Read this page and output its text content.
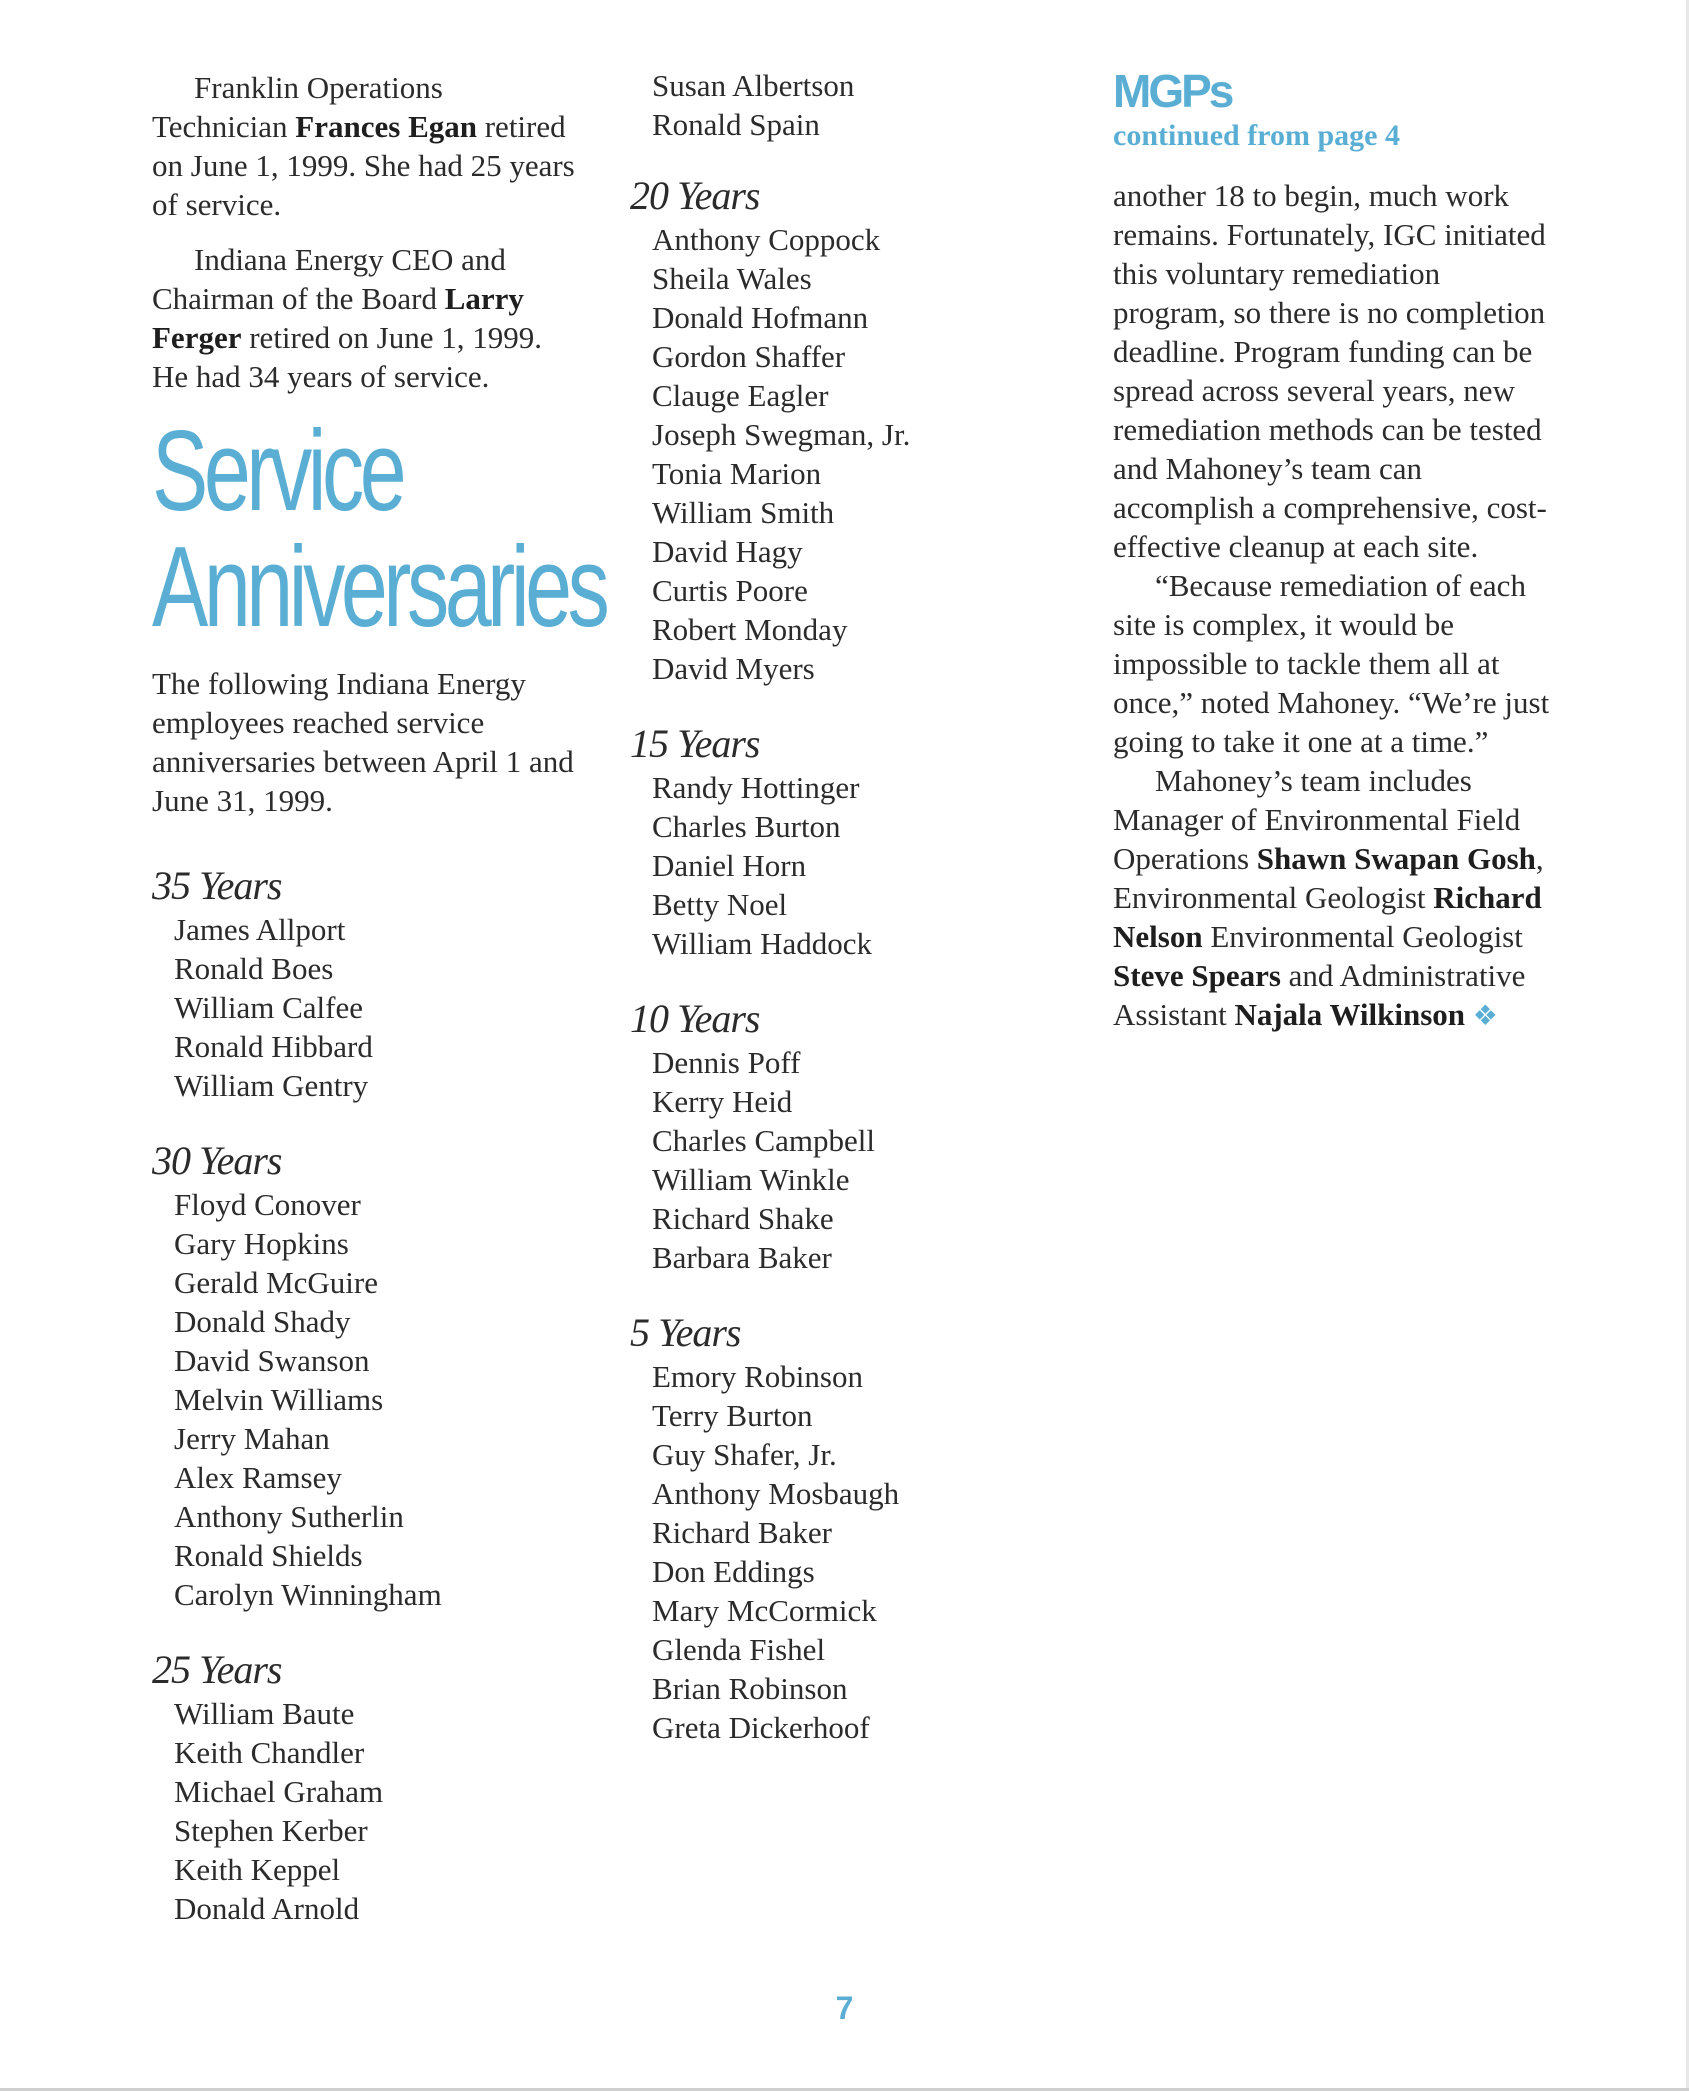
Franklin Operations Technician Frances Egan retired on June 1, 1999. She had 25 years of service.

Indiana Energy CEO and Chairman of the Board Larry Ferger retired on June 1, 1999. He had 34 years of service.

Service
Anniversaries

The following Indiana Energy employees reached service anniversaries between April 1 and June 31, 1999.

35 Years
James Allport
Ronald Boes
William Calfee
Ronald Hibbard
William Gentry
30 Years
Floyd Conover
Gary Hopkins
Gerald McGuire
Donald Shady
David Swanson
Melvin Williams
Jerry Mahan
Alex Ramsey
Anthony Sutherlin
Ronald Shields
Carolyn Winningham
25 Years
William Baute
Keith Chandler
Michael Graham
Stephen Kerber
Keith Keppel
Donald Arnold
Susan Albertson
Ronald Spain
20 Years
Anthony Coppock
Sheila Wales
Donald Hofmann
Gordon Shaffer
Clauge Eagler
Joseph Swegman, Jr.
Tonia Marion
William Smith
David Hagy
Curtis Poore
Robert Monday
David Myers
15 Years
Randy Hottinger
Charles Burton
Daniel Horn
Betty Noel
William Haddock
10 Years
Dennis Poff
Kerry Heid
Charles Campbell
William Winkle
Richard Shake
Barbara Baker
5 Years
Emory Robinson
Terry Burton
Guy Shafer, Jr.
Anthony Mosbaugh
Richard Baker
Don Eddings
Mary McCormick
Glenda Fishel
Brian Robinson
Greta Dickerhoof
MGPs
continued from page 4

another 18 to begin, much work remains. Fortunately, IGC initiated this voluntary remediation program, so there is no completion deadline. Program funding can be spread across several years, new remediation methods can be tested and Mahoney’s team can accomplish a comprehensive, cost-effective cleanup at each site.

“Because remediation of each site is complex, it would be impossible to tackle them all at once,” noted Mahoney. “We’re just going to take it one at a time.”

Mahoney’s team includes Manager of Environmental Field Operations Shawn Swapan Gosh, Environmental Geologist Richard Nelson Environmental Geologist Steve Spears and Administrative Assistant Najala Wilkinson ❖

7
